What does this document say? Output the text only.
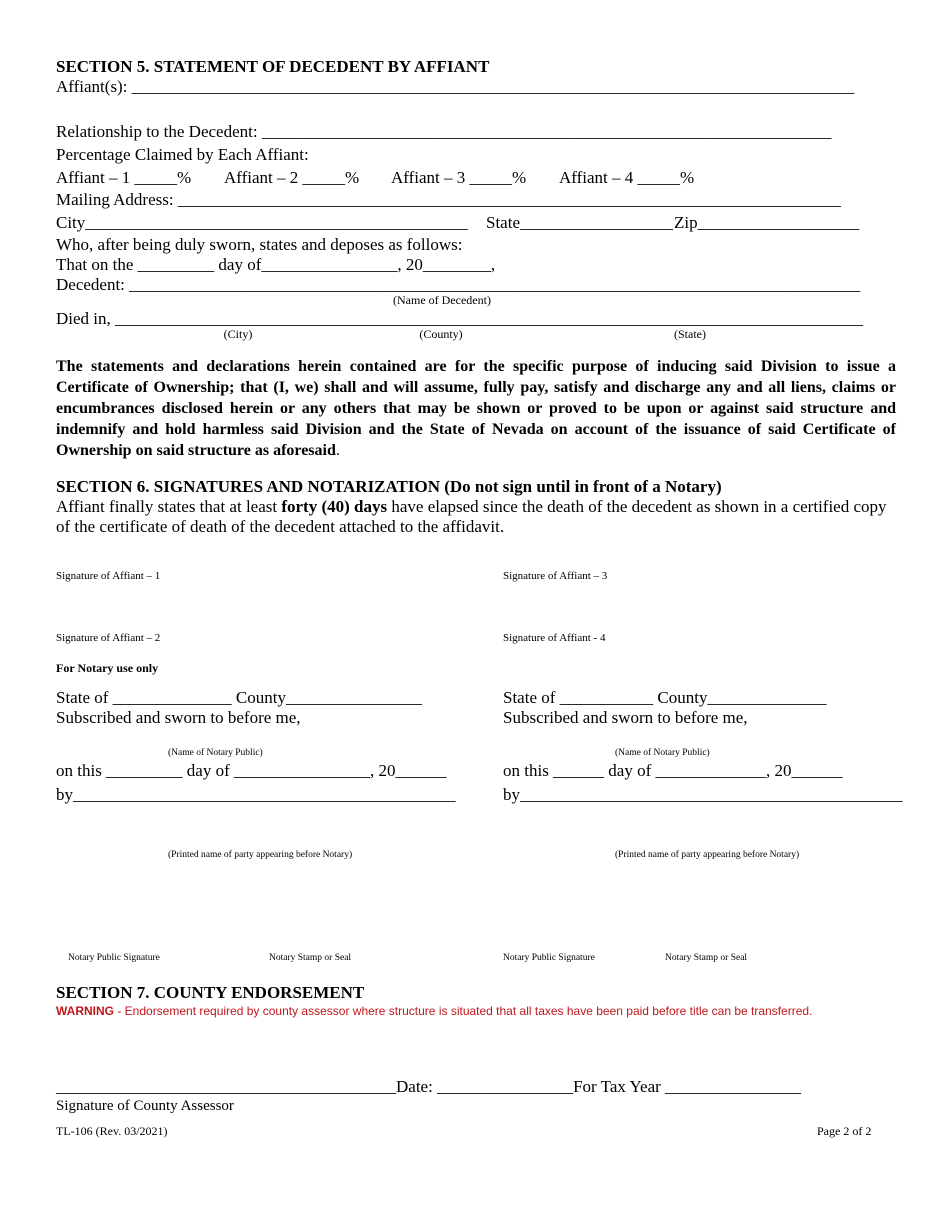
SECTION 5. STATEMENT OF DECEDENT BY AFFIANT
Affiant(s): _____________________________________________________________________________________
Relationship to the Decedent: ___________________________________________________________________
Percentage Claimed by Each Affiant:
Affiant – 1 _____% Affiant – 2 _____% Affiant – 3 _____% Affiant – 4 _____%
Mailing Address: ______________________________________________________________________________
City_____________________________________________ State__________________ Zip___________________
Who, after being duly sworn, states and deposes as follows:
That on the _________ day of________________, 20________,
Decedent: ______________________________________________________________________________________
(Name of Decedent)
Died in, ________________________________________________________________________________________
(City)	(County)	(State)
The statements and declarations herein contained are for the specific purpose of inducing said Division to issue a Certificate of Ownership; that (I, we) shall and will assume, fully pay, satisfy and discharge any and all liens, claims or encumbrances disclosed herein or any others that may be shown or proved to be upon or against said structure and indemnify and hold harmless said Division and the State of Nevada on account of the issuance of said Certificate of Ownership on said structure as aforesaid.
SECTION 6. SIGNATURES AND NOTARIZATION (Do not sign until in front of a Notary)
Affiant finally states that at least forty (40) days have elapsed since the death of the decedent as shown in a certified copy of the certificate of death of the decedent attached to the affidavit.
Signature of Affiant – 1	Signature of Affiant – 3
Signature of Affiant – 2	Signature of Affiant - 4
For Notary use only
State of ______________ County________________
Subscribed and sworn to before me,
(Name of Notary Public)
on this _________ day of ________________, 20______
by_____________________________________________
(Printed name of party appearing before Notary)
Notary Public Signature	Notary Stamp or Seal
State of ___________ County______________
Subscribed and sworn to before me,
(Name of Notary Public)
on this ______ day of _____________, 20______
by_____________________________________________
(Printed name of party appearing before Notary)
Notary Public Signature	Notary Stamp or Seal
SECTION 7. COUNTY ENDORSEMENT
WARNING - Endorsement required by county assessor where structure is situated that all taxes have been paid before title can be transferred.
________________________________________Date: ________________For Tax Year ________________
Signature of County Assessor
TL-106 (Rev. 03/2021)	Page 2 of 2
